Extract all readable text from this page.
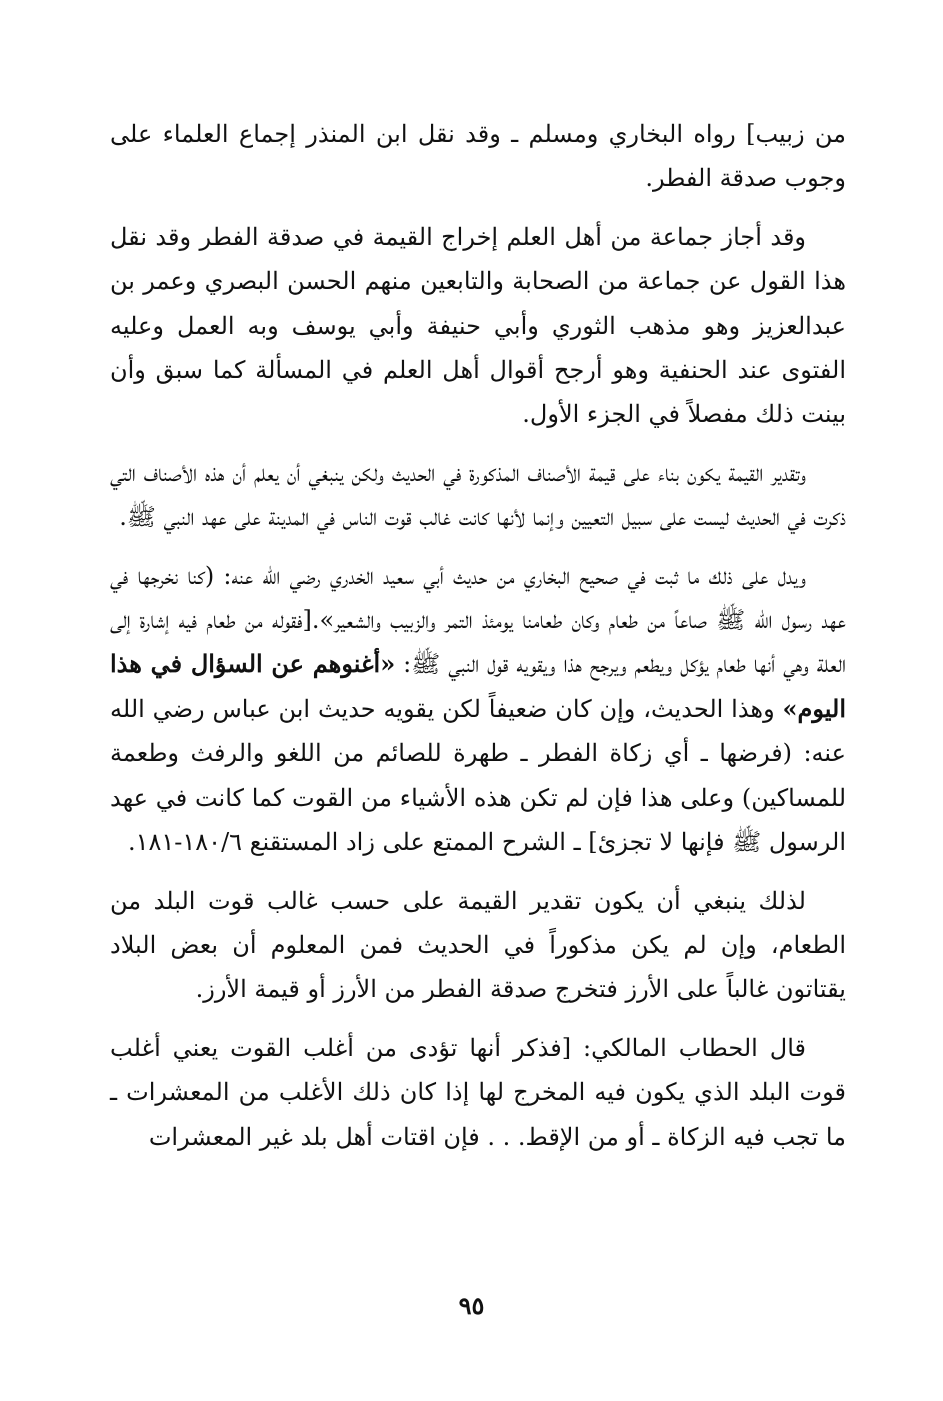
من زبيب] رواه البخاري ومسلم ـ وقد نقل ابن المنذر إجماع العلماء على وجوب صدقة الفطر.

وقد أجاز جماعة من أهل العلم إخراج القيمة في صدقة الفطر وقد نقل هذا القول عن جماعة من الصحابة والتابعين منهم الحسن البصري وعمر بن عبدالعزيز وهو مذهب الثوري وأبي حنيفة وأبي يوسف وبه العمل وعليه الفتوى عند الحنفية وهو أرجح أقوال أهل العلم في المسألة كما سبق وأن بينت ذلك مفصلاً في الجزء الأول.

وتقدير القيمة يكون بناء على قيمة الأصناف المذكورة في الحديث ولكن ينبغي أن يعلم أن هذه الأصناف التي ذكرت في الحديث ليست على سبيل التعيين وإنما لأنها كانت غالب قوت الناس في المدينة على عهد النبي ﷺ.

ويدل على ذلك ما ثبت في صحيح البخاري من حديث أبي سعيد الخدري رضي الله عنه: (كنا نخرجها في عهد رسول الله ﷺ صاعاً من طعام وكان طعامنا يومئذ التمر والزبيب والشعير».[فقوله من طعام فيه إشارة إلى العلة وهي أنها طعام يؤكل ويطعم ويرجح هذا ويقويه قول النبي ﷺ: «أغنوهم عن السؤال في هذا اليوم» وهذا الحديث، وإن كان ضعيفاً لكن يقويه حديث ابن عباس رضي الله عنه: (فرضها ـ أي زكاة الفطر ـ طهرة للصائم من اللغو والرفث وطعمة للمساكين) وعلى هذا فإن لم تكن هذه الأشياء من القوت كما كانت في عهد الرسول ﷺ فإنها لا تجزئ] ـ الشرح الممتع على زاد المستقنع ١٨٠/٦-١٨١.

لذلك ينبغي أن يكون تقدير القيمة على حسب غالب قوت البلد من الطعام، وإن لم يكن مذكوراً في الحديث فمن المعلوم أن بعض البلاد يقتاتون غالباً على الأرز فتخرج صدقة الفطر من الأرز أو قيمة الأرز.

قال الحطاب المالكي: [فذكر أنها تؤدى من أغلب القوت يعني أغلب قوت البلد الذي يكون فيه المخرج لها إذا كان ذلك الأغلب من المعشرات ـ ما تجب فيه الزكاة ـ أو من الإقط. . . فإن اقتات أهل بلد غير المعشرات

٩٥
